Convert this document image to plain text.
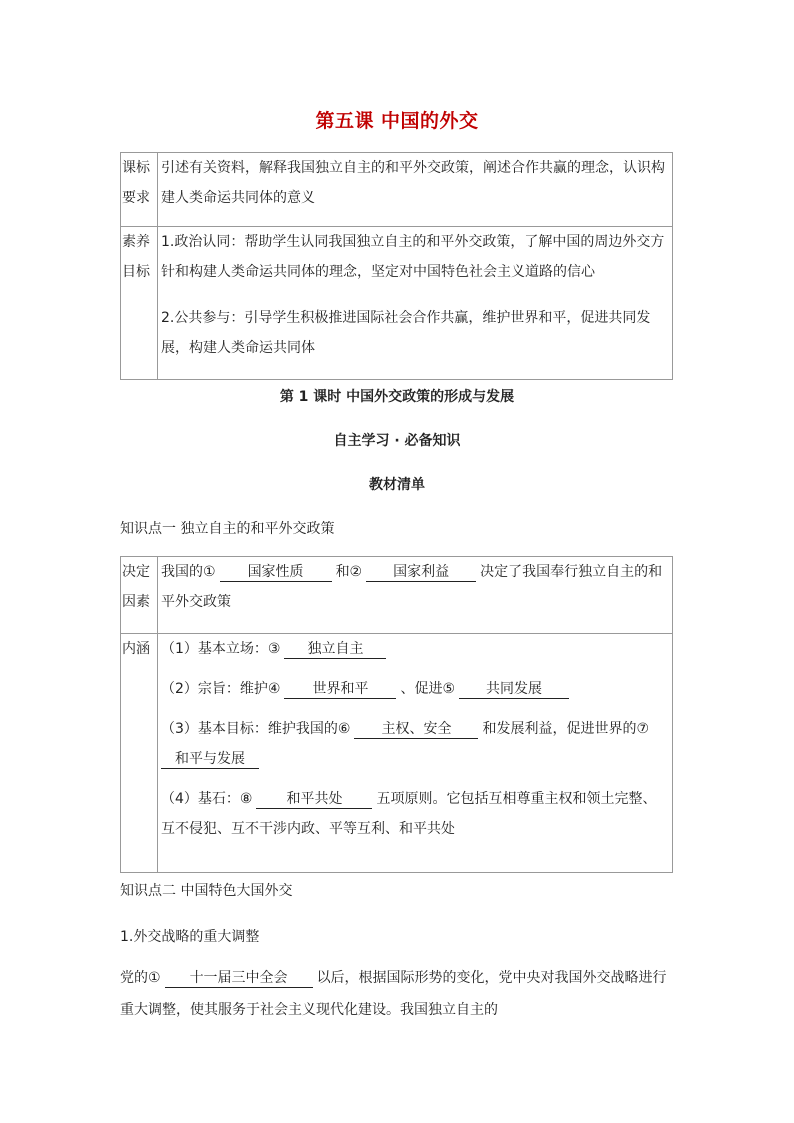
第五课 中国的外交
课标要求	引述有关资料，解释我国独立自主的和平外交政策，阐述合作共赢的理念，认识构建人类命运共同体的意义
素养目标	1.政治认同：帮助学生认同我国独立自主的和平外交政策，了解中国的周边外交方针和构建人类命运共同体的理念，坚定对中国特色社会主义道路的信心
2.公共参与：引导学生积极推进国际社会合作共赢，维护世界和平，促进共同发展，构建人类命运共同体
第 1 课时 中国外交政策的形成与发展
自主学习 · 必备知识
教材清单
知识点一 独立自主的和平外交政策
决定因素	我国的① 国家性质 和② 国家利益 决定了我国奉行独立自主的和平外交政策
内涵	（1）基本立场：③ 独立自主
（2）宗旨：维护④ 世界和平 、促进⑤ 共同发展
（3）基本目标：维护我国的⑥ 主权、安全 和发展利益，促进世界的⑦和平与发展
（4）基石：⑧ 和平共处 五项原则。它包括互相尊重主权和领土完整、互不侵犯、互不干涉内政、平等互利、和平共处
知识点二 中国特色大国外交
1.外交战略的重大调整
党的① 十一届三中全会 以后，根据国际形势的变化，党中央对我国外交战略进行重大调整，使其服务于社会主义现代化建设。我国独立自主的
